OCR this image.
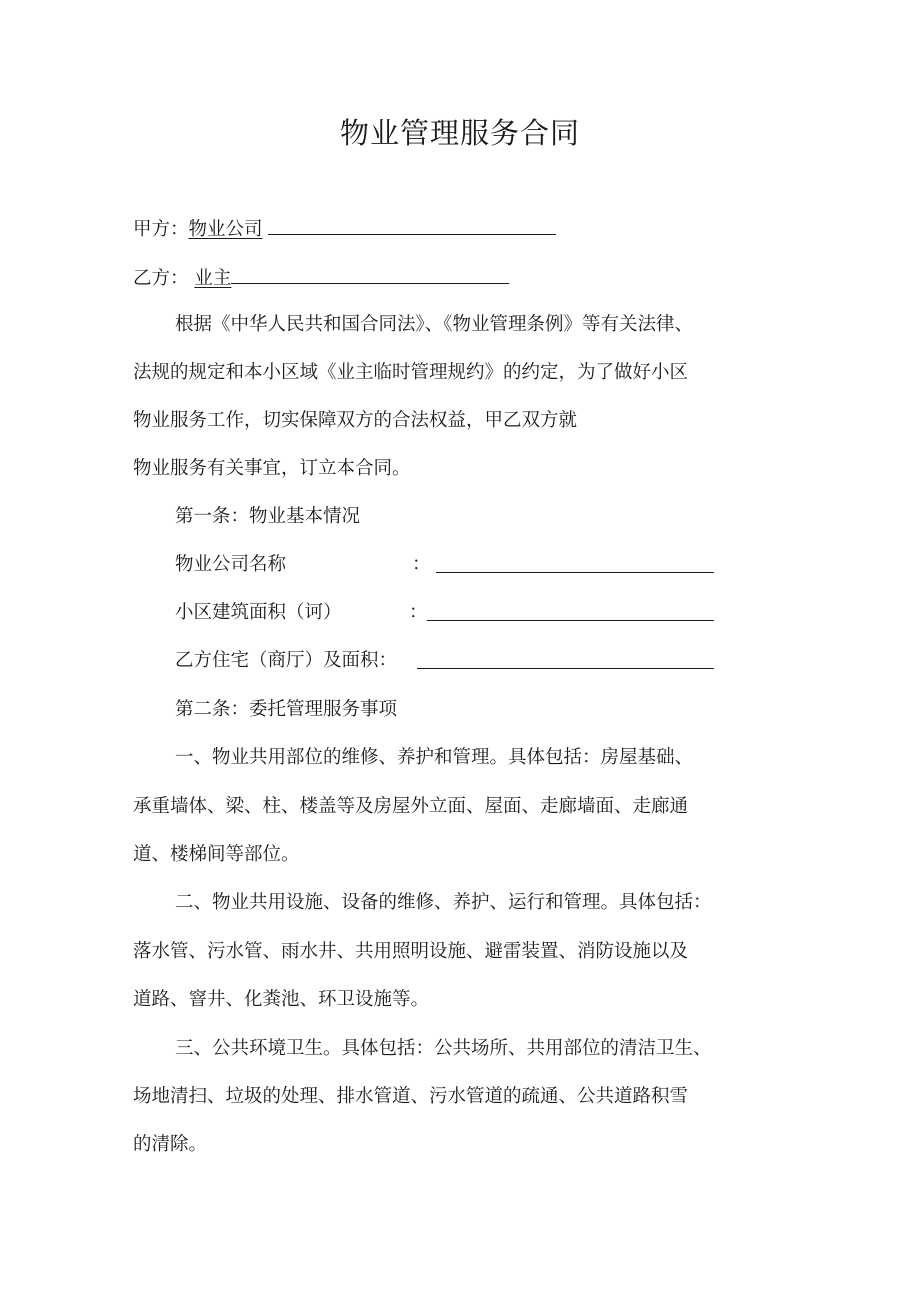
物业管理服务合同
甲方：物业公司
乙方： 业主
根据《中华人民共和国合同法》、《物业管理条例》等有关法律、
法规的规定和本小区域《业主临时管理规约》的约定，为了做好小区
物业服务工作，切实保障双方的合法权益，甲乙双方就
物业服务有关事宜，订立本合同。
第一条：物业基本情况
物业公司名称	：
小区建筑面积（诃）	：
乙方住宅（商厅）及面积：
第二条：委托管理服务事项
一、物业共用部位的维修、养护和管理。具体包括：房屋基础、
承重墙体、梁、柱、楼盖等及房屋外立面、屋面、走廊墙面、走廊通
道、楼梯间等部位。
二、物业共用设施、设备的维修、养护、运行和管理。具体包括：
落水管、污水管、雨水井、共用照明设施、避雷装置、消防设施以及
道路、窨井、化粪池、环卫设施等。
三、公共环境卫生。具体包括：公共场所、共用部位的清洁卫生、
场地清扫、垃圾的处理、排水管道、污水管道的疏通、公共道路积雪
的清除。
